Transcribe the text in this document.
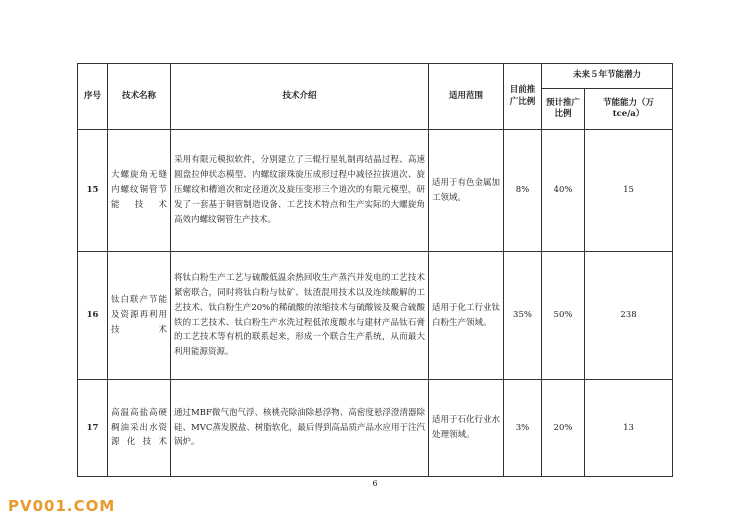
序号	技术名称	技术介绍	适用范围	目前推广比例	未来５年节能潜力	
					预计推广比例	节能能力（万 tce/a）
15	大螺旋角无缝内螺纹铜管节能技术	采用有限元模拟软件，分别建立了三辊行星轧制再结晶过程、高速圆盘拉伸状态模型、内螺纹滚珠旋压成形过程中减径拉拔道次、旋压螺纹和槽道次和定径道次及旋压变形三个道次的有限元模型，研发了一套基于铜管制造设备、工艺技术特点和生产实际的大螺旋角高效内螺纹铜管生产技术。	适用于有色金属加工领域。	8%	40%	15
16	钛白联产节能及资源再利用技术	将钛白粉生产工艺与硫酸低温余热回收生产蒸汽并发电的工艺技术紧密联合，同时将钛白粉与钛矿、钛渣混用技术以及连续酸解的工艺技术、钛白粉生产20%的稀硫酸的浓缩技术与硫酸铵及聚合硫酸铁的工艺技术、钛白粉生产水洗过程低浓度酸水与建材产品钛石膏的工艺技术等有机的联系起来，形成一个联合生产系统，从而最大利用能源资源。	适用于化工行业钛白粉生产领域。	35%	50%	238
17	高温高盐高硬稠油采出水资源化技术	通过MBF微气泡气浮、核桃壳除油除悬浮物、高密度悬浮澄清器除硅、MVC蒸发脱盐、树脂软化，最后得到高品质产品水应用于注汽锅炉。	适用于石化行业水处理领域。	3%	20%	13
6
PV001.COM
